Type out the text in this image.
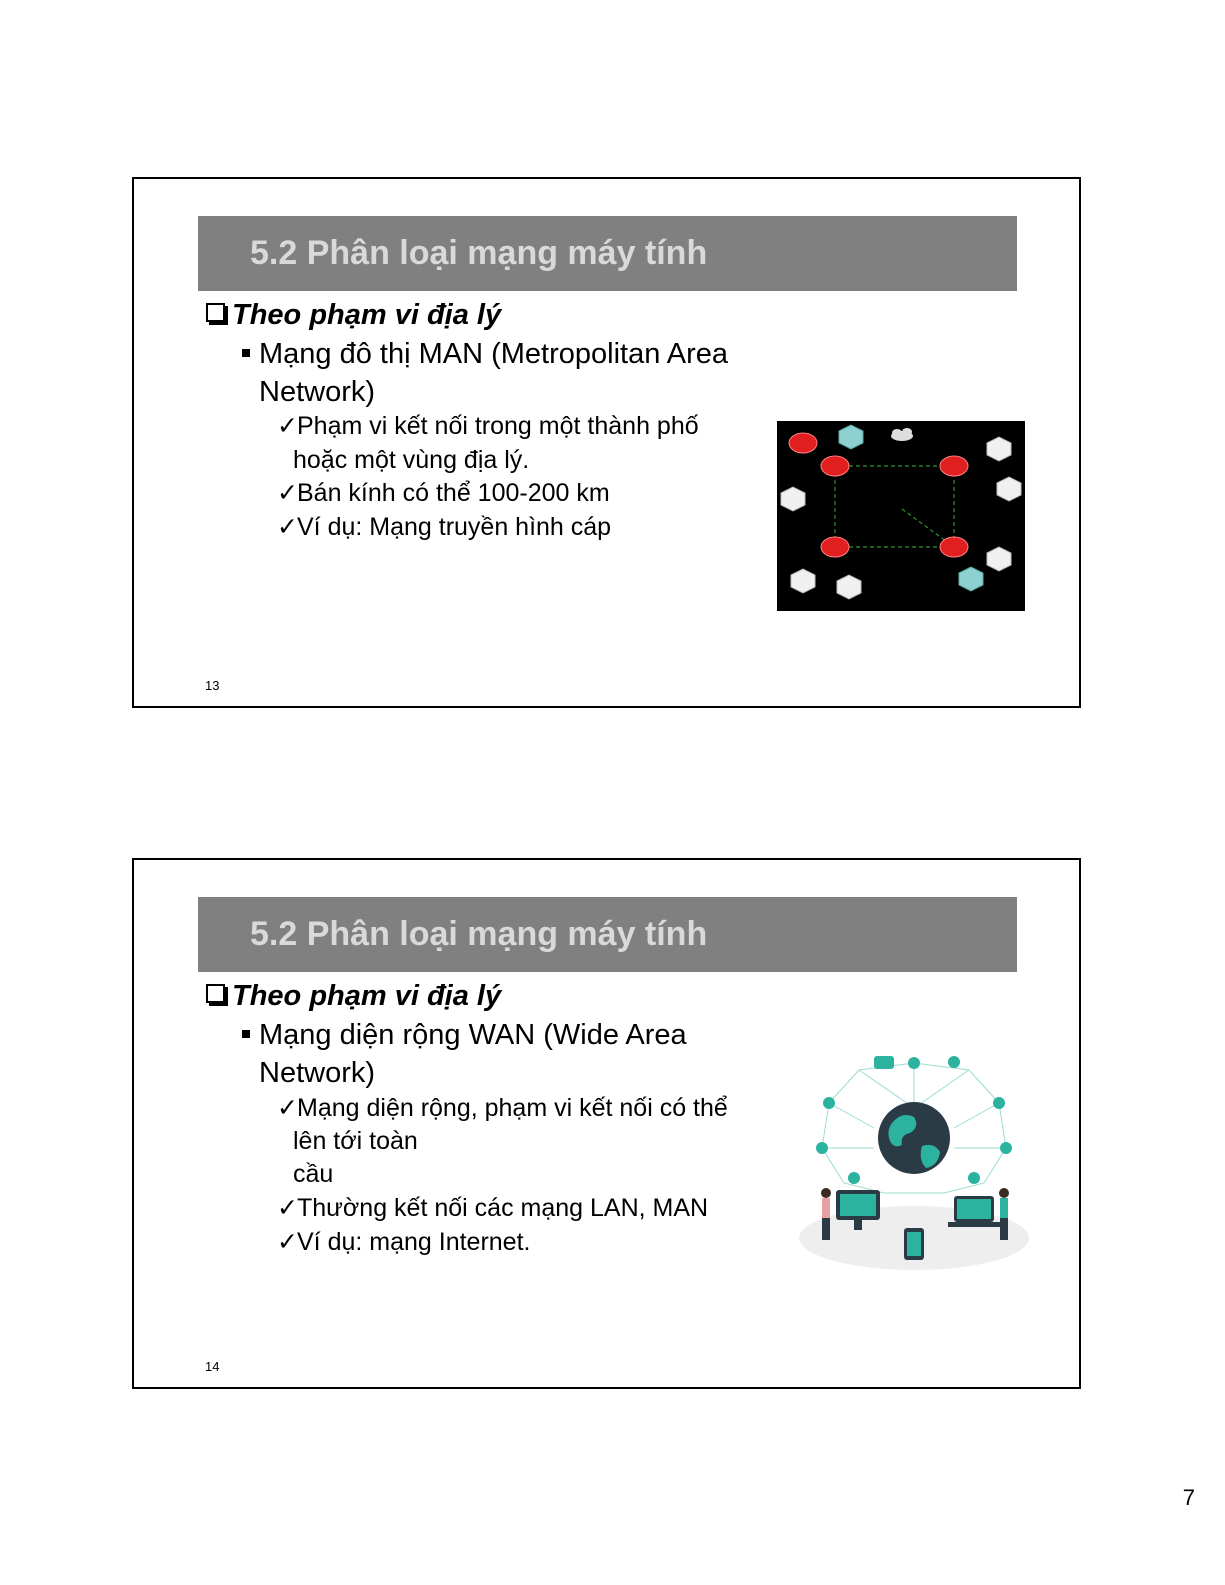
5.2 Phân loại mạng máy tính
Theo phạm vi địa lý
Mạng đô thị MAN (Metropolitan Area
Network)
✓ Phạm vi kết nối trong một thành phố
hoặc một vùng địa lý.
✓ Bán kính có thể 100-200 km
✓ Ví dụ: Mạng truyền hình cáp
13
5.2 Phân loại mạng máy tính
Theo phạm vi địa lý
Mạng diện rộng WAN (Wide Area
Network)
✓ Mạng diện rộng, phạm vi kết nối có thể
lên tới toàn
cầu
✓ Thường kết nối các mạng LAN, MAN
✓ Ví dụ: mạng Internet.
14
7
